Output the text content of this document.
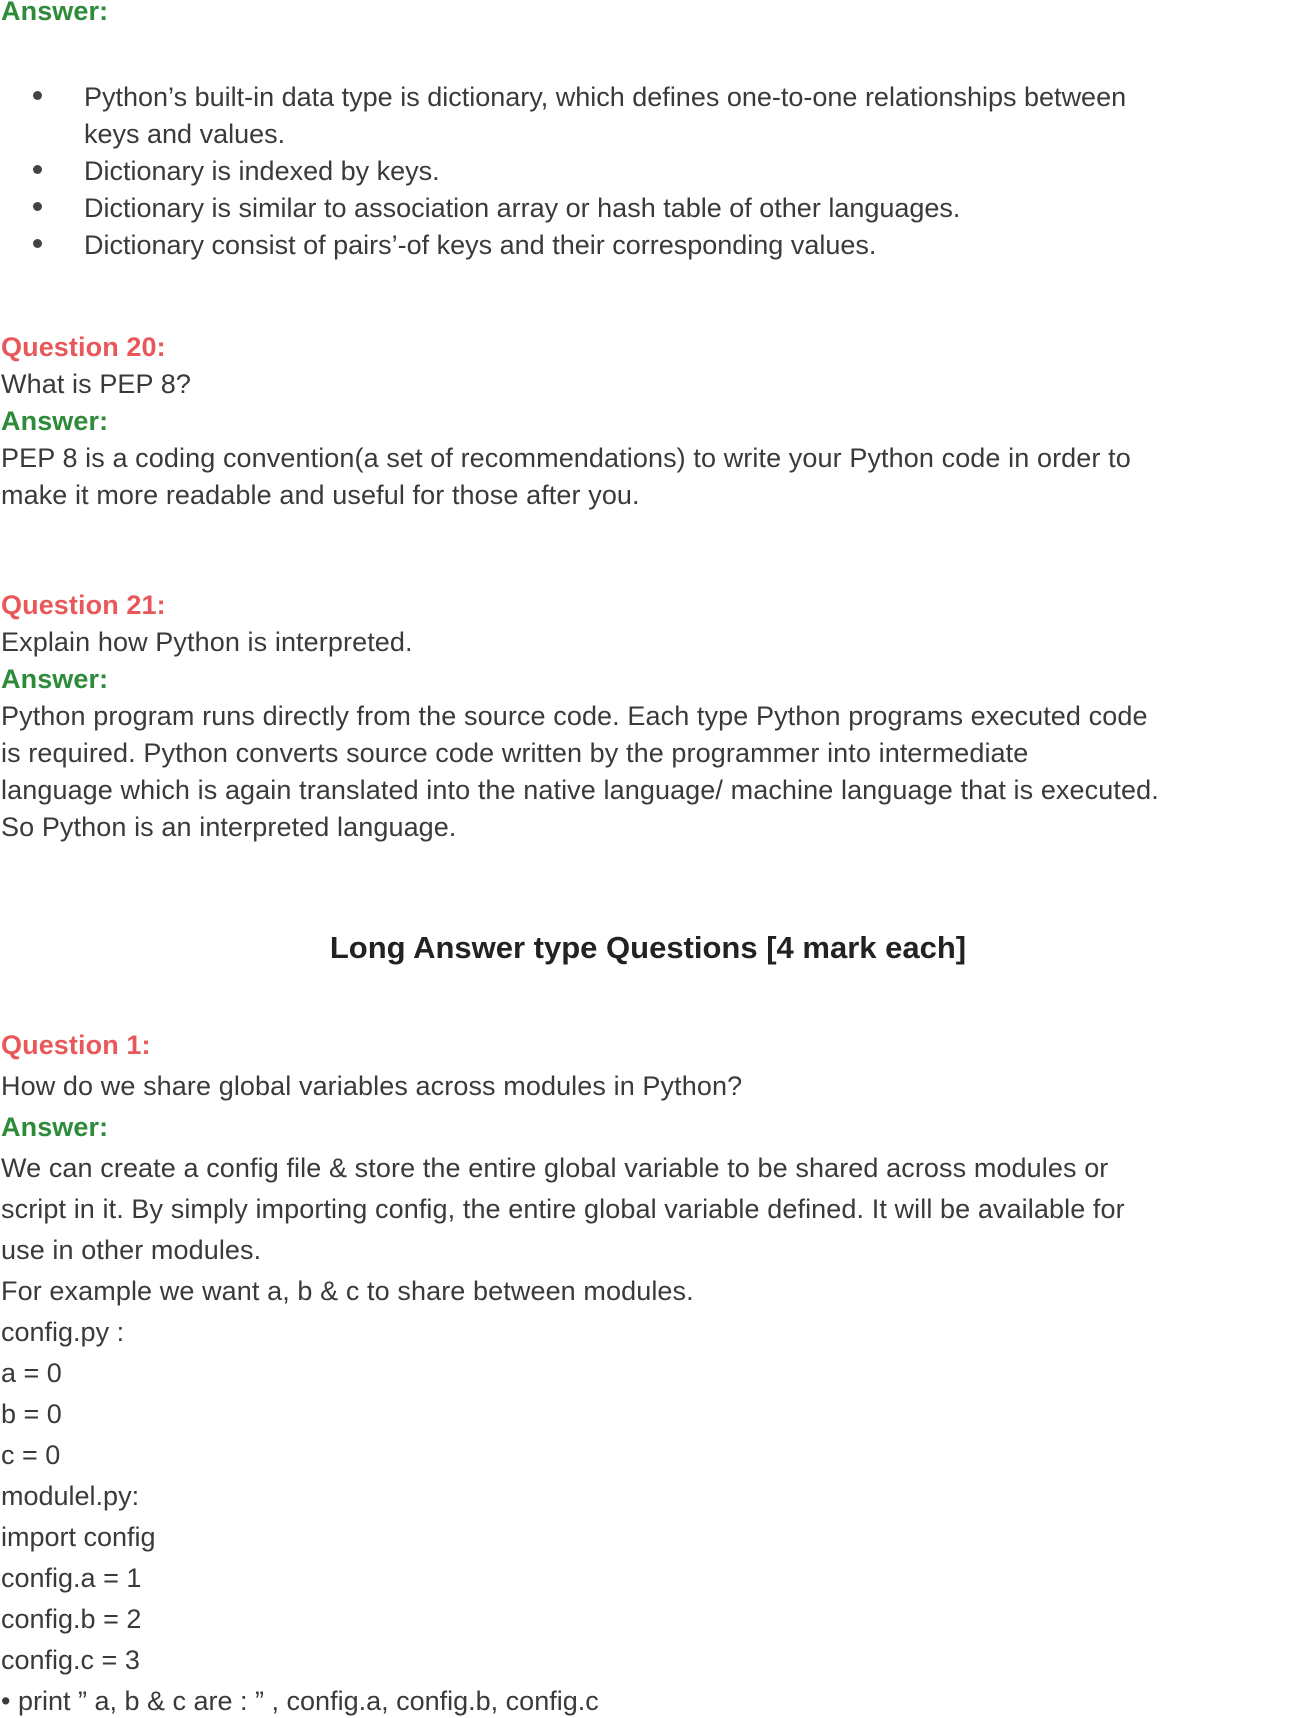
Answer:
Python’s built-in data type is dictionary, which defines one-to-one relationships between
keys and values.
Dictionary is indexed by keys.
Dictionary is similar to association array or hash table of other languages.
Dictionary consist of pairs’-of keys and their corresponding values.
Question 20:
What is PEP 8?
Answer:
PEP 8 is a coding convention(a set of recommendations) to write your Python code in order to
make it more readable and useful for those after you.
Question 21:
Explain how Python is interpreted.
Answer:
Python program runs directly from the source code. Each type Python programs executed code
is required. Python converts source code written by the programmer into intermediate
language which is again translated into the native language/ machine language that is executed.
So Python is an interpreted language.
Long Answer type Questions [4 mark each]
Question 1:
How do we share global variables across modules in Python?
Answer:
We can create a config file & store the entire global variable to be shared across modules or
script in it. By simply importing config, the entire global variable defined. It will be available for
use in other modules.
For example we want a, b & c to share between modules.
config.py :
a = 0
b = 0
c = 0
modulel.py:
import config
config.a = 1
config.b = 2
config.c = 3
• print ” a, b & c are : ” , config.a, config.b, config.c
